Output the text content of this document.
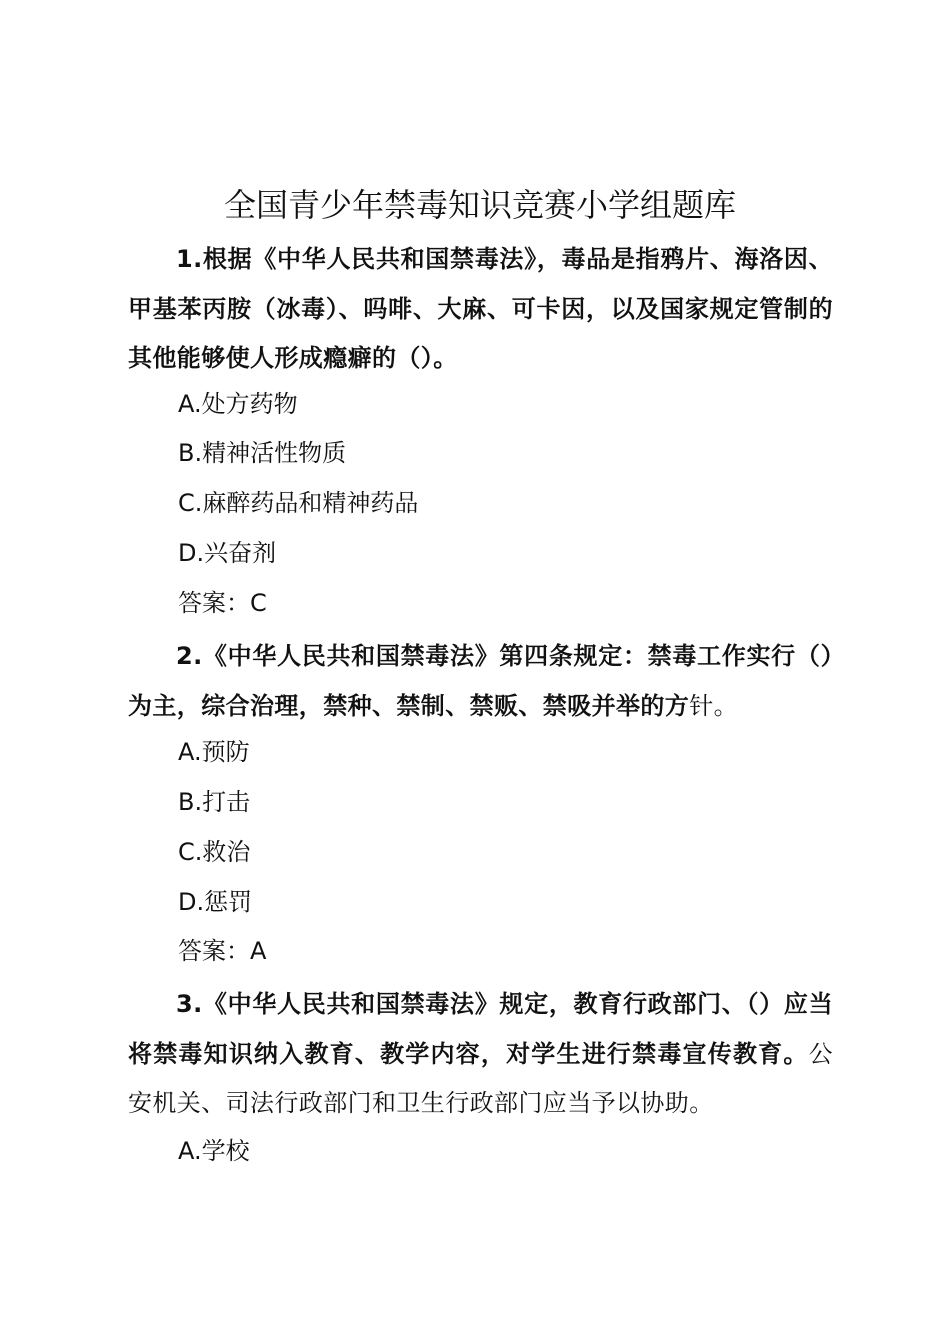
全国青少年禁毒知识竞赛小学组题库
1.根据《中华人民共和国禁毒法》，毒品是指鸦片、海洛因、甲基苯丙胺（冰毒）、吗啡、大麻、可卡因，以及国家规定管制的其他能够使人形成瘾癖的（）。
A.处方药物
B.精神活性物质
C.麻醉药品和精神药品
D.兴奋剂
答案：C
2.《中华人民共和国禁毒法》第四条规定：禁毒工作实行（）为主，综合治理，禁种、禁制、禁贩、禁吸并举的方针。
A.预防
B.打击
C.救治
D.惩罚
答案：A
3.《中华人民共和国禁毒法》规定，教育行政部门、（）应当将禁毒知识纳入教育、教学内容，对学生进行禁毒宣传教育。公安机关、司法行政部门和卫生行政部门应当予以协助。
A.学校
